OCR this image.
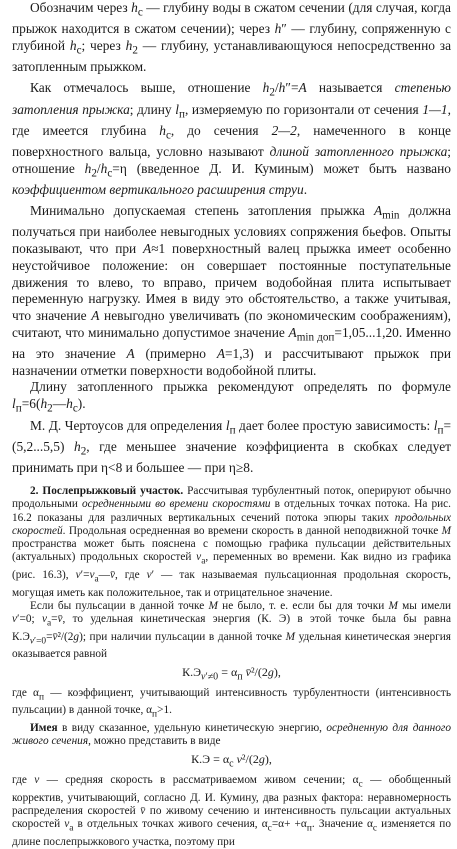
Обозначим через $h_с$ — глубину воды в сжатом сечении (для случая, когда прыжок находится в сжатом сечении); через h″ — глубину, сопряженную с глубиной $h_с$; через $h_2$ — глубину, устанавливающуюся непосредственно за затопленным прыжком.

Как отмечалось выше, отношение $h_2/h''=A$ называется степенью затопления прыжка; длину $l_п$, измеряемую по горизонтали от сечения 1—1, где имеется глубина $h_с$, до сечения 2—2, намеченного в конце поверхностного вальца, условно называют длиной затопленного прыжка; отношение $h_2/h_с=\eta$ (введенное Д. И. Куминым) может быть названо коэффициентом вертикального расширения струи.

Минимально допускаемая степень затопления прыжка $A_{min}$ должна получаться при наиболее невыгодных условиях сопряжения бьефов. Опыты показывают, что при A≈1 поверхностный валец прыжка имеет особенно неустойчивое положение: он совершает постоянные поступательные движения то влево, то вправо, причем водобойная плита испытывает переменную нагрузку. Имея в виду это обстоятельство, а также учитывая, что значение A невыгодно увеличивать (по экономическим соображениям), считают, что минимально допустимое значение $A_{min доп}=1,05...1,20$. Именно на это значение A (примерно A=1,3) и рассчитывают прыжок при назначении отметки поверхности водобойной плиты.

Длину затопленного прыжка рекомендуют определять по формуле $l_п=6(h_2—h_с)$.

М. Д. Чертоусов для определения $l_п$ дает более простую зависимость: $l_п=(5,2...5,5)$ $h_2$, где меньшее значение коэффициента в скобках следует принимать при η<8 и большее — при η≥8.

2. Послепрыжковый участок. Рассчитывая турбулентный поток, оперируют обычно продольными осредненными во времени скоростями в отдельных точках потока. На рис. 16.2 показаны для различных вертикальных сечений потока эпюры таких продольных скоростей. Продольная осредненная во времени скорость в данной неподвижной точке M пространства может быть пояснена с помощью графика пульсации действительных (актуальных) продольных скоростей $v_а$, переменных во времени. Как видно из графика (рис. 16.3), $v'=v_а—v̄$, где v′ — так называемая пульсационная продольная скорость, могущая иметь как положительное, так и отрицательное значение.

Если бы пульсации в данной точке M не было, т. е. если бы для точки M мы имели v′=0; $v_а=v̄$, то удельная кинетическая энергия (К. Э) в этой точке была бы равна $К.Э_{v'=0}=v̄^2/(2g)$; при наличии пульсации в данной точке M удельная кинетическая энергия оказывается равной

$К.Э_{v'\ne 0} = \alpha_п$ v̄²/(2g),

где $\alpha_п$ — коэффициент, учитывающий интенсивность турбулентности (интенсивность пульсации) в данной точке, $\alpha_п>1$.

Имея в виду сказанное, удельную кинетическую энергию, осредненную для данного живого сечения, можно представить в виде

$К.Э = \alpha_с$ v²/(2g),

где v — средняя скорость в рассматриваемом живом сечении; $\alpha_с$ — обобщенный корректив, учитывающий, согласно Д. И. Кумину, два разных фактора: неравномерность распределения скоростей v̄ по живому сечению и интенсивность пульсации актуальных скоростей $v_а$ в отдельных точках живого сечения, $\alpha_с=\alpha+ +\alpha_п$. Значение $\alpha_с$ изменяется по длине послепрыжкового участка, поэтому при
